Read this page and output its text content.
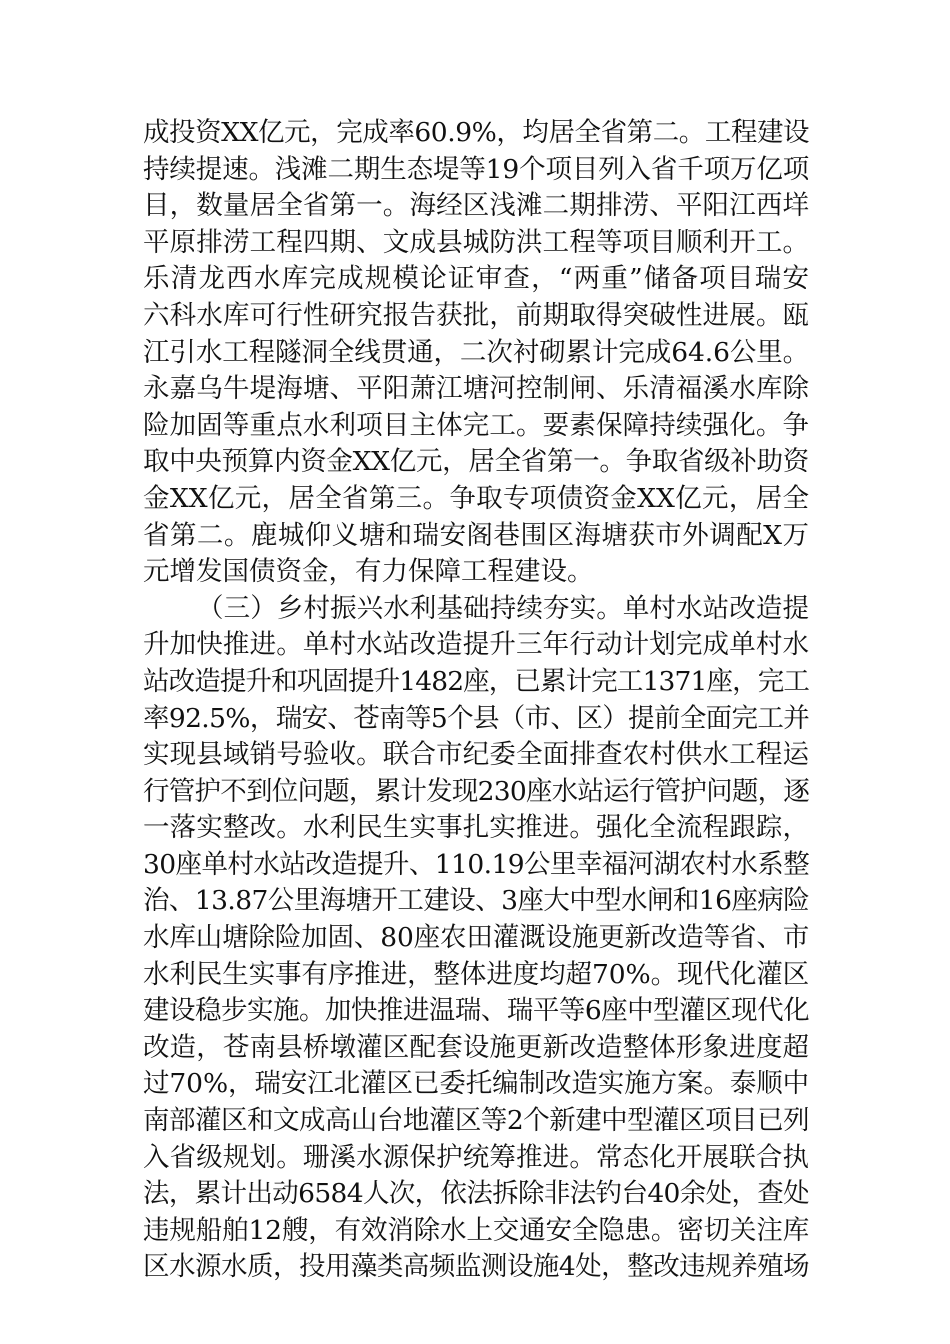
成投资XX亿元，完成率60.9%，均居全省第二。工程建设
持续提速。浅滩二期生态堤等19个项目列入省千项万亿项
目，数量居全省第一。海经区浅滩二期排涝、平阳江西垟
平原排涝工程四期、文成县城防洪工程等项目顺利开工。
乐清龙西水库完成规模论证审查，“两重”储备项目瑞安
六科水库可行性研究报告获批，前期取得突破性进展。瓯
江引水工程隧洞全线贯通，二次衬砌累计完成64.6公里。
永嘉乌牛堤海塘、平阳萧江塘河控制闸、乐清福溪水库除
险加固等重点水利项目主体完工。要素保障持续强化。争
取中央预算内资金XX亿元，居全省第一。争取省级补助资
金XX亿元，居全省第三。争取专项债资金XX亿元，居全
省第二。鹿城仰义塘和瑞安阁巷围区海塘获市外调配X万
元增发国债资金，有力保障工程建设。
（三）乡村振兴水利基础持续夯实。单村水站改造提
升加快推进。单村水站改造提升三年行动计划完成单村水
站改造提升和巩固提升1482座，已累计完工1371座，完工
率92.5%，瑞安、苍南等5个县（市、区）提前全面完工并
实现县域销号验收。联合市纪委全面排查农村供水工程运
行管护不到位问题，累计发现230座水站运行管护问题，逐
一落实整改。水利民生实事扎实推进。强化全流程跟踪，
30座单村水站改造提升、110.19公里幸福河湖农村水系整
治、13.87公里海塘开工建设、3座大中型水闸和16座病险
水库山塘除险加固、80座农田灌溉设施更新改造等省、市
水利民生实事有序推进，整体进度均超70%。现代化灌区
建设稳步实施。加快推进温瑞、瑞平等6座中型灌区现代化
改造，苍南县桥墩灌区配套设施更新改造整体形象进度超
过70%，瑞安江北灌区已委托编制改造实施方案。泰顺中
南部灌区和文成高山台地灌区等2个新建中型灌区项目已列
入省级规划。珊溪水源保护统筹推进。常态化开展联合执
法，累计出动6584人次，依法拆除非法钓台40余处，查处
违规船舶12艘，有效消除水上交通安全隐患。密切关注库
区水源水质，投用藻类高频监测设施4处，整改违规养殖场
